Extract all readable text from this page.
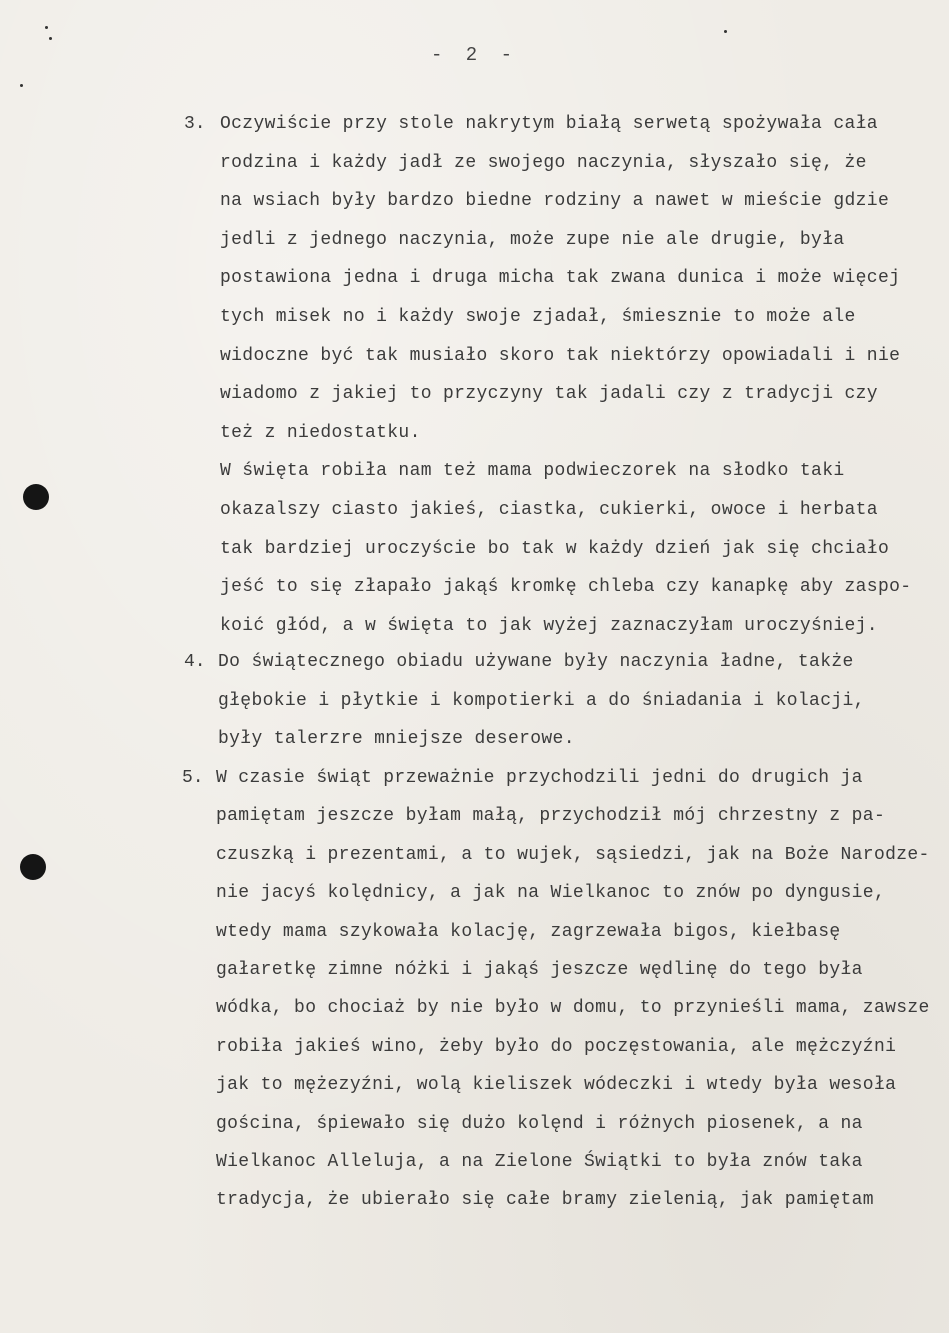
- 2 -
3. Oczywiście przy stole nakrytym białą serwetą spożywała cała
rodzina i każdy jadł ze swojego naczynia, słyszało się, że
na wsiach były bardzo biedne rodziny a nawet w mieście gdzie
jedli z jednego naczynia, może zupe nie ale drugie, była
postawiona jedna i druga micha tak zwana dunica i może więcej
tych misek no i każdy swoje zjadał, śmiesznie to może ale
widoczne być tak musiało skoro tak niektórzy opowiadali i nie
wiadomo z jakiej to przyczyny tak jadali czy z tradycji czy
też z niedostatku.
W święta robiła nam też mama podwieczorek na słodko taki
okazalszy ciasto jakieś, ciastka, cukierki, owoce i herbata
tak bardziej uroczyście bo tak w każdy dzień jak się chciało
jeść to się złapało jakąś kromkę chleba czy kanapkę aby zaspo-
koić głód, a w święta to jak wyżej zaznaczyłam uroczyśniej.
4. Do świątecznego obiadu używane były naczynia ładne, także
głębokie i płytkie i kompotierki a do śniadania i kolacji,
były talerzre mniejsze deserowe.
5. W czasie świąt przeważnie przychodzili jedni do drugich ja
pamiętam jeszcze byłam małą, przychodził mój chrzestny z pa-
czuszką i prezentami, a to wujek, sąsiedzi, jak na Boże Narodze-
nie jacyś kolędnicy, a jak na Wielkanoc to znów po dyngusie,
wtedy mama szykowała kolację, zagrzewała bigos, kiełbasę
gałaretkę zimne nóżki i jakąś jeszcze wędlinę do tego była
wódka, bo chociaż by nie było w domu, to przynieśli mama, zawsze
robiła jakieś wino, żeby było do poczęstowania, ale mężczyźni
jak to mężezyźni, wolą kieliszek wódeczki i wtedy była wesoła
gościna, śpiewało się dużo kolęnd i różnych piosenek, a na
Wielkanoc Alleluja, a na Zielone Świątki to była znów taka
tradycja, że ubierało się całe bramy zielenią, jak pamiętam
